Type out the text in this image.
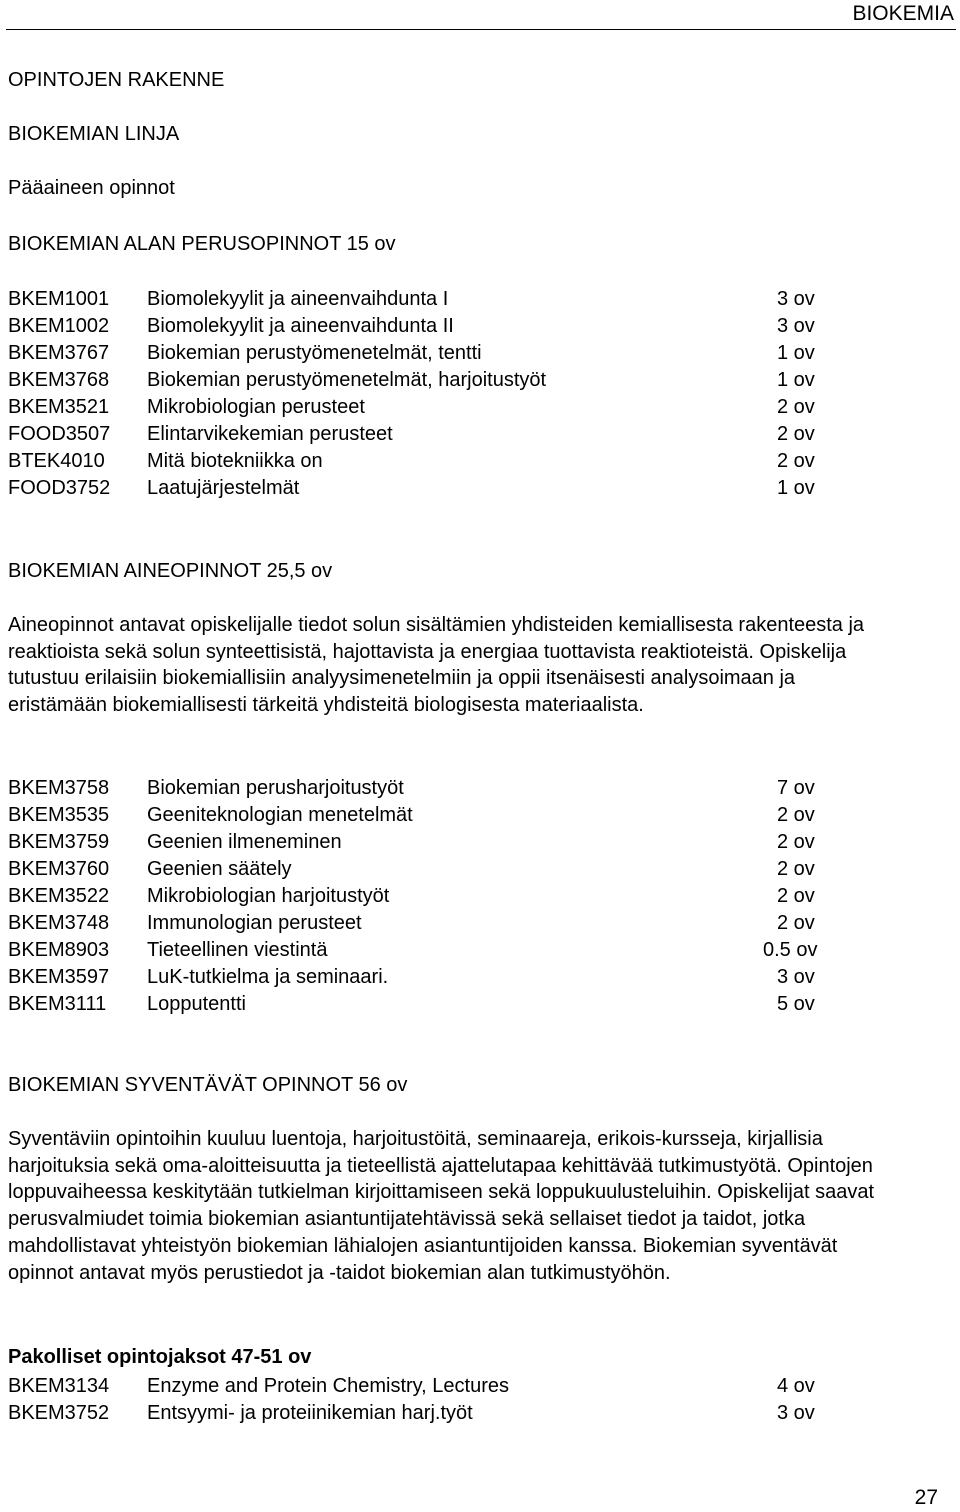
BIOKEMIA
OPINTOJEN RAKENNE
BIOKEMIAN LINJA
Pääaineen opinnot
BIOKEMIAN ALAN PERUSOPINNOT 15 ov
BKEM1001 Biomolekyylit ja aineenvaihdunta I	3 ov
BKEM1002 Biomolekyylit ja aineenvaihdunta II	3 ov
BKEM3767 Biokemian perustyömenetelmät, tentti	1 ov
BKEM3768 Biokemian perustyömenetelmät, harjoitustyöt	1 ov
BKEM3521 Mikrobiologian perusteet	2 ov
FOOD3507 Elintarvikekemian perusteet	2 ov
BTEK4010 Mitä biotekniikka on	2 ov
FOOD3752 Laatujärjestelmät	1 ov
BIOKEMIAN AINEOPINNOT 25,5 ov
Aineopinnot antavat opiskelijalle tiedot solun sisältämien yhdisteiden kemiallisesta rakenteesta ja reaktioista sekä solun synteettisistä, hajottavista ja energiaa tuottavista reaktioteistä. Opiskelija tutustuu erilaisiin biokemiallisiin analyysimenetelmiin ja oppii itsenäisesti analysoimaan ja eristämään biokemiallisesti tärkeitä yhdisteitä biologisesta materiaalista.
BKEM3758 Biokemian perusharjoitustyöt	7 ov
BKEM3535 Geeniteknologian menetelmät	2 ov
BKEM3759 Geenien ilmeneminen	2 ov
BKEM3760 Geenien säätely	2 ov
BKEM3522 Mikrobiologian harjoitustyöt	2 ov
BKEM3748 Immunologian perusteet	2 ov
BKEM8903 Tieteellinen viestintä	0.5 ov
BKEM3597 LuK-tutkielma ja seminaari.	3 ov
BKEM3111 Lopputentti	5 ov
BIOKEMIAN SYVENTÄVÄT OPINNOT 56 ov
Syventäviin opintoihin kuuluu luentoja, harjoitustöitä, seminaareja, erikois-kursseja, kirjallisia harjoituksia sekä oma-aloitteisuutta ja tieteellistä ajattelutapaa kehittävää tutkimustyötä. Opintojen loppuvaiheessa keskitytään tutkielman kirjoittamiseen sekä loppukuulusteluihin. Opiskelijat saavat perusvalmiudet toimia biokemian asiantuntijatehtävissä sekä sellaiset tiedot ja taidot, jotka mahdollistavat yhteistyön biokemian lähialojen asiantuntijoiden kanssa. Biokemian syventävät opinnot antavat myös perustiedot ja -taidot biokemian alan tutkimustyöhön.
Pakolliset opintojaksot 47-51 ov
BKEM3134 Enzyme and Protein Chemistry, Lectures	4 ov
BKEM3752 Entsyymi- ja proteiinikemian harj.työt	3 ov
27
